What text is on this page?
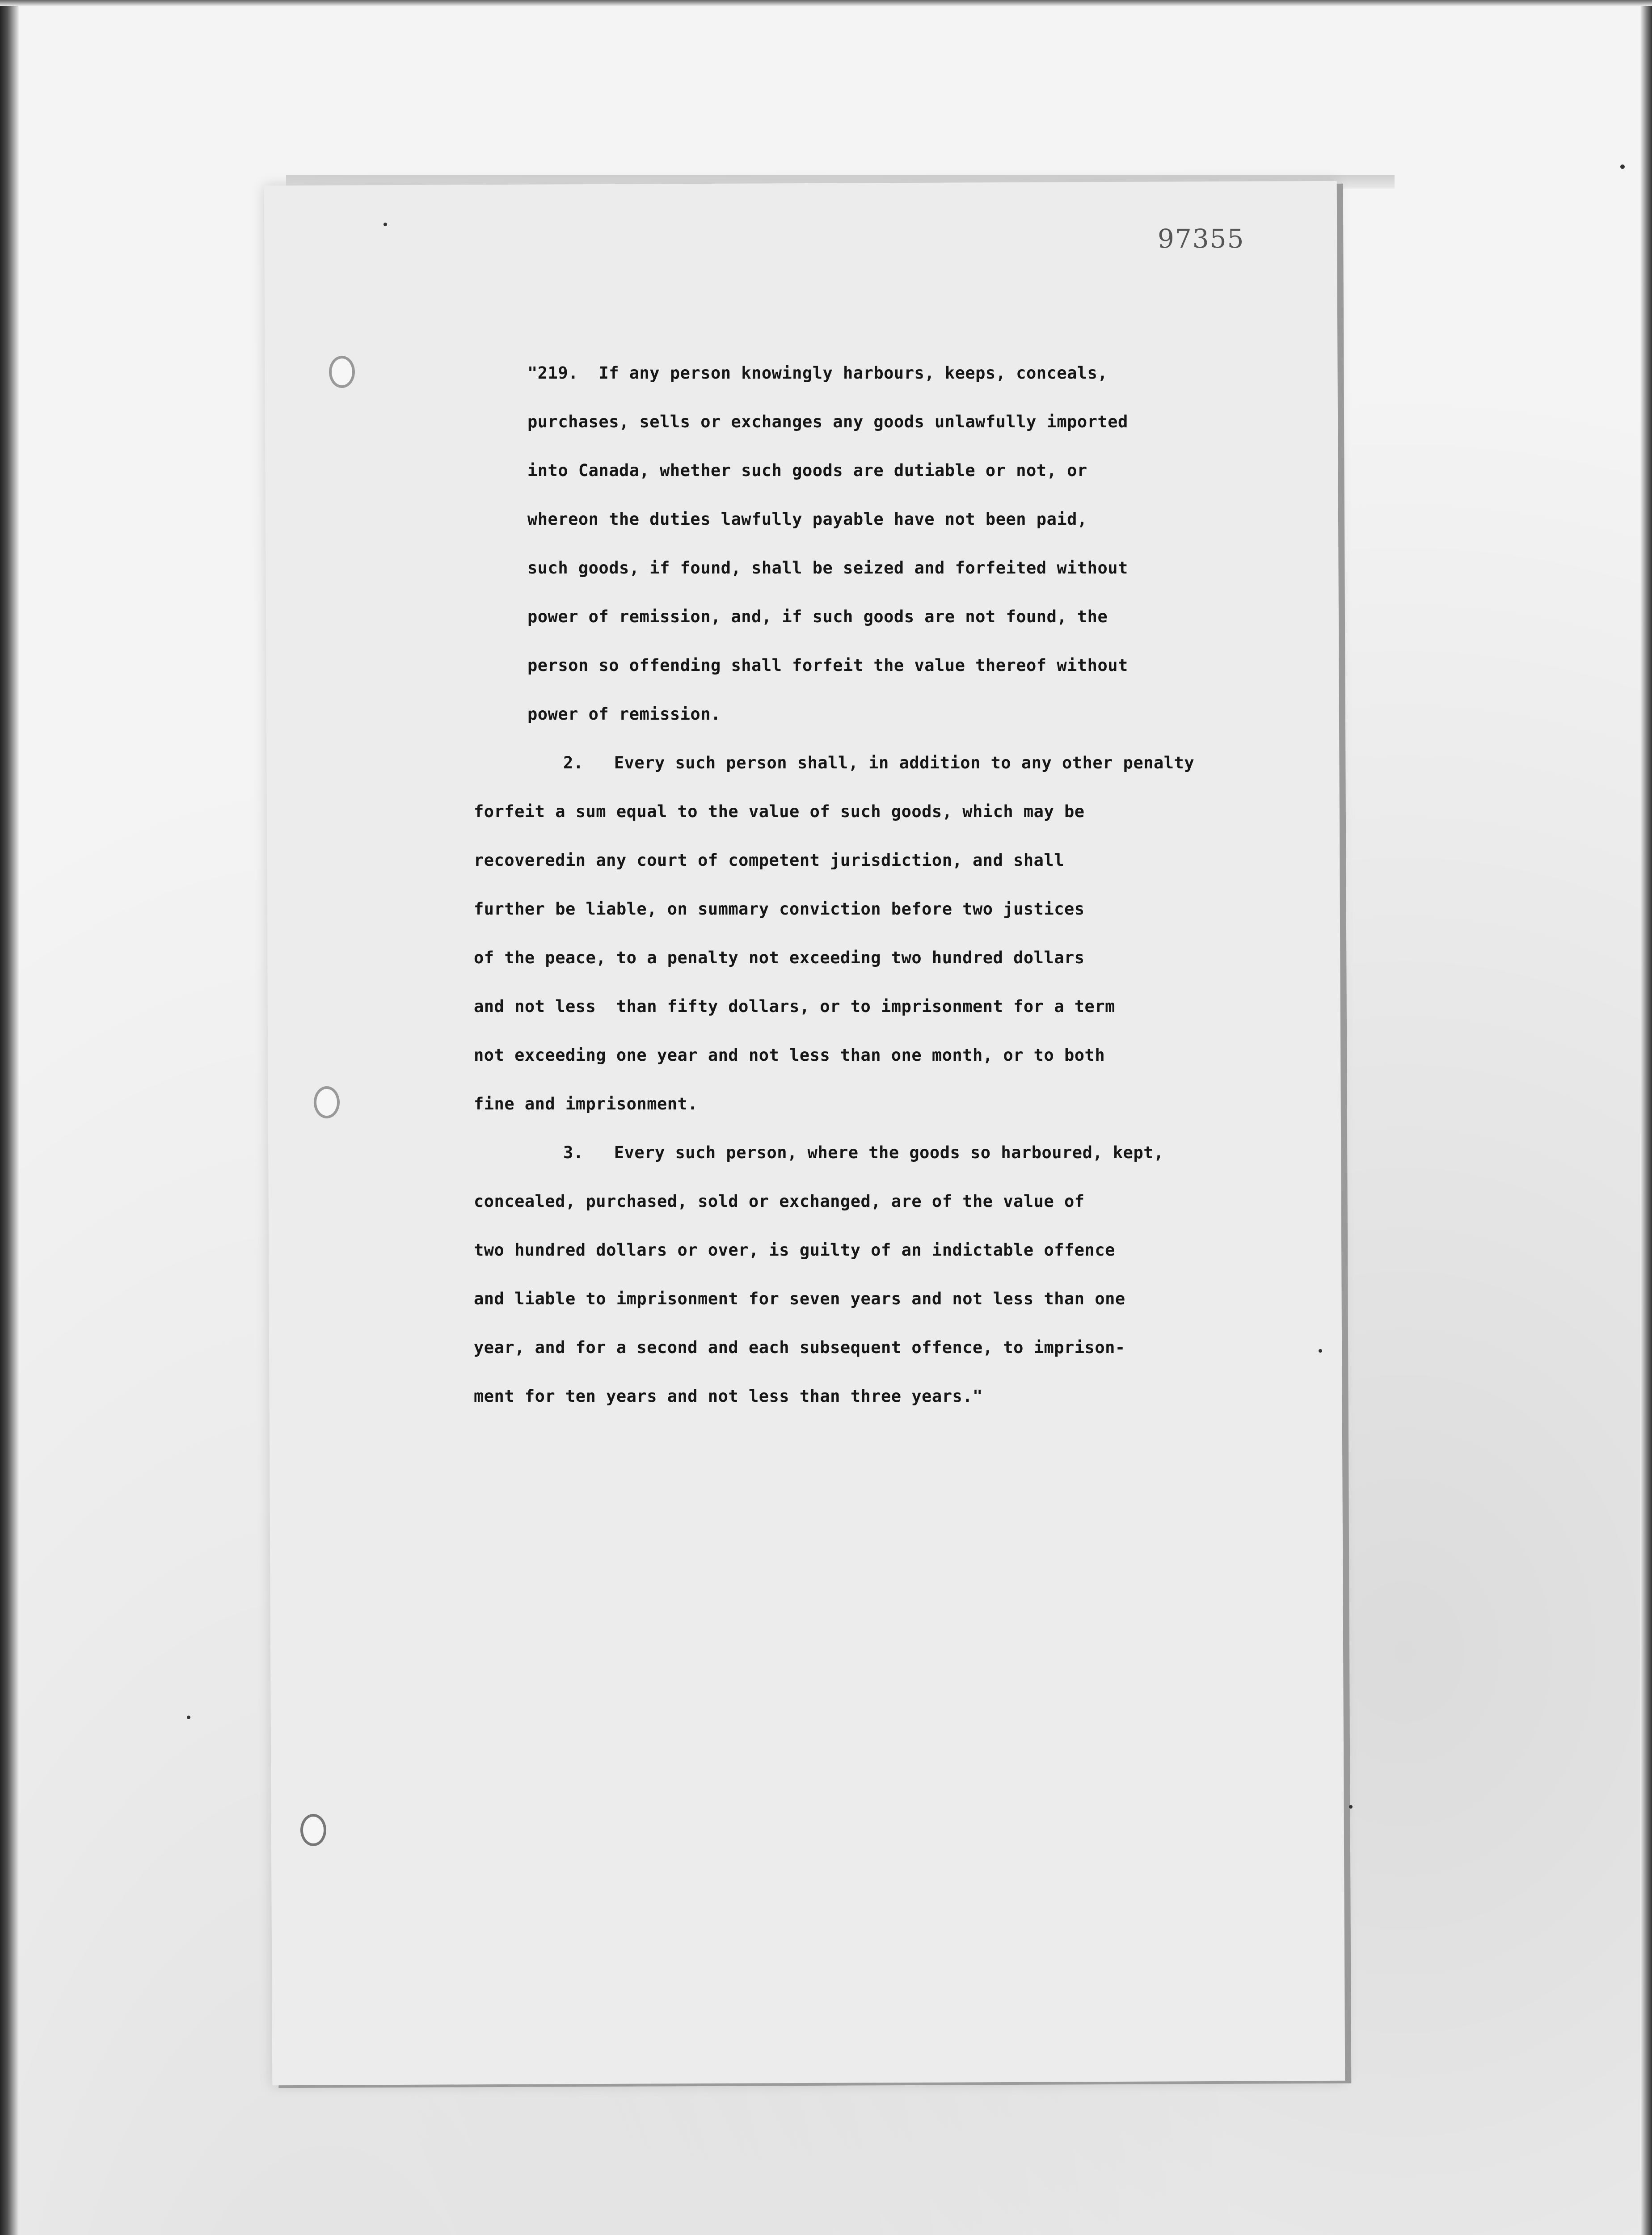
97355
"219.  If any person knowingly harbours, keeps, conceals,
purchases, sells or exchanges any goods unlawfully imported
into Canada, whether such goods are dutiable or not, or
whereon the duties lawfully payable have not been paid,
such goods, if found, shall be seized and forfeited without
power of remission, and, if such goods are not found, the
person so offending shall forfeit the value thereof without
power of remission.
2.   Every such person shall, in addition to any other penalty
forfeit a sum equal to the value of such goods, which may be
recoveredin any court of competent jurisdiction, and shall
further be liable, on summary conviction before two justices
of the peace, to a penalty not exceeding two hundred dollars
and not less  than fifty dollars, or to imprisonment for a term
not exceeding one year and not less than one month, or to both
fine and imprisonment.
3.   Every such person, where the goods so harboured, kept,
concealed, purchased, sold or exchanged, are of the value of
two hundred dollars or over, is guilty of an indictable offence
and liable to imprisonment for seven years and not less than one
year, and for a second and each subsequent offence, to imprison-
ment for ten years and not less than three years."
